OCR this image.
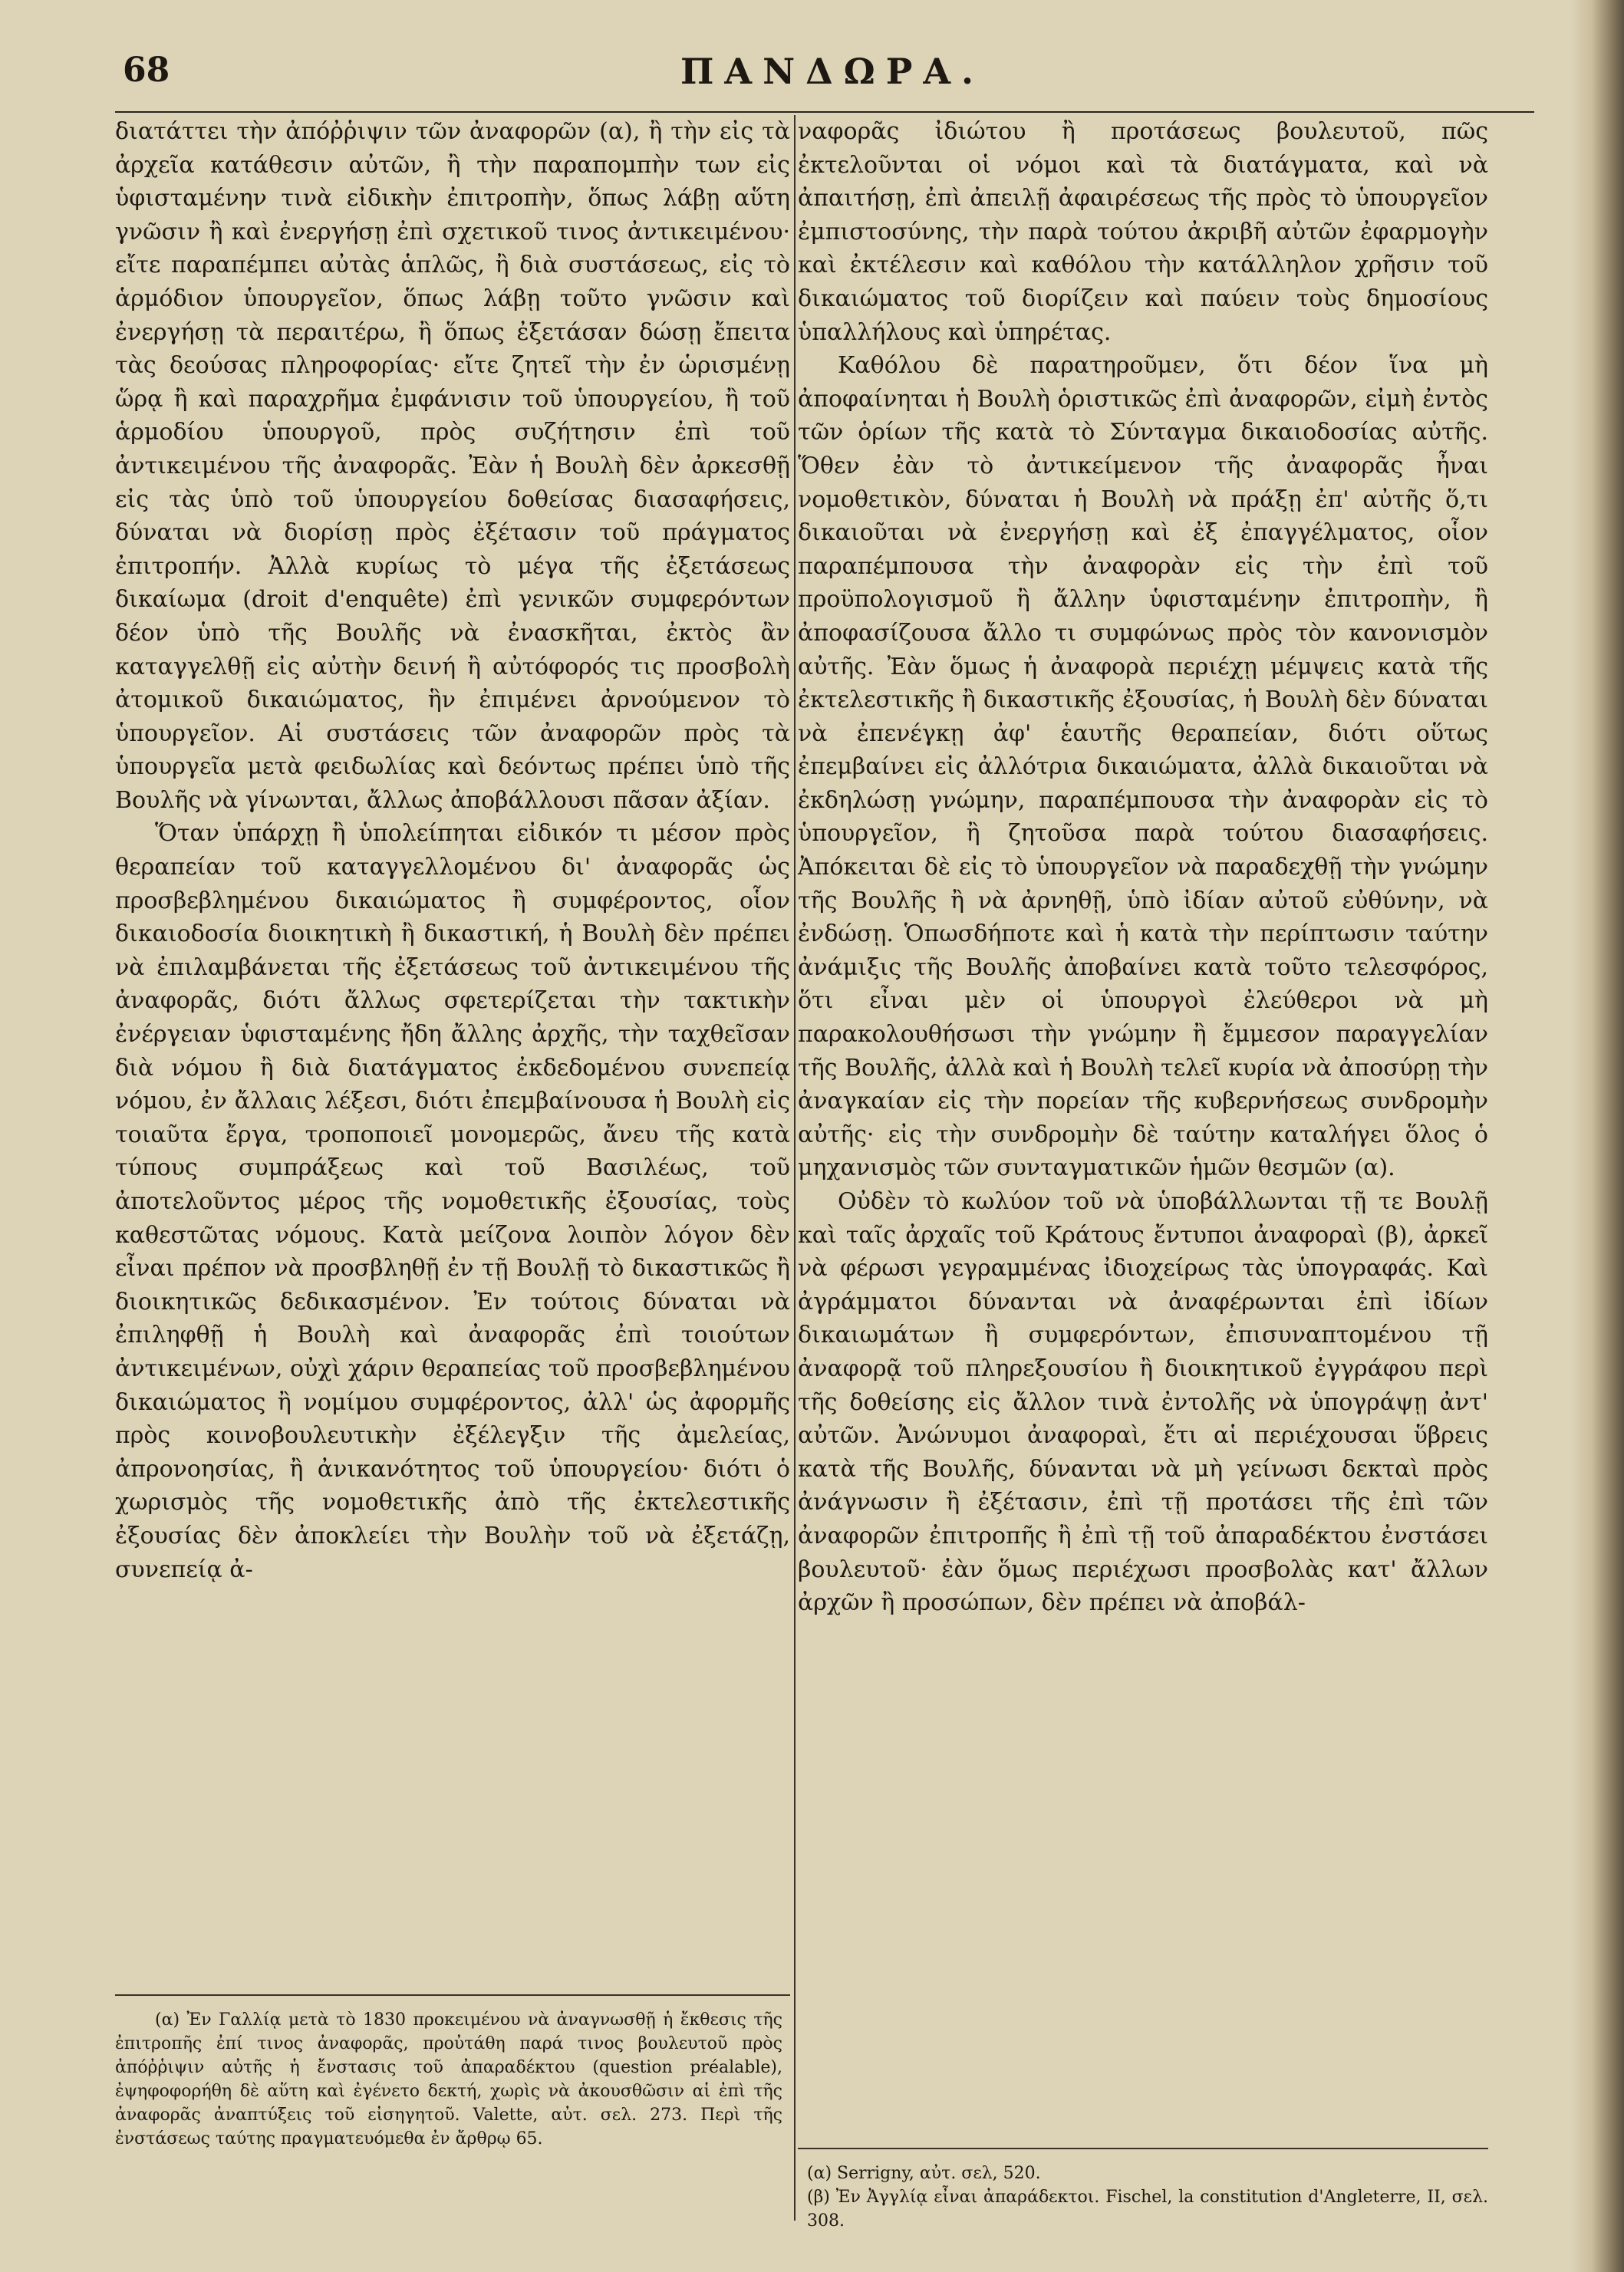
68	ΠΑΝΔΩΡΑ.

διατάττει τὴν ἀπόῤῥιψιν τῶν ἀναφορῶν (α), ἢ τὴν εἰς τὰ ἀρχεῖα κατάθεσιν αὐτῶν, ἢ τὴν παραπομπὴν των εἰς ὑφισταμένην τινὰ εἰδικὴν ἐπιτροπὴν, ὅπως λάβῃ αὕτη γνῶσιν ἢ καὶ ἐνεργήσῃ ἐπὶ σχετικοῦ τινος ἀντικειμένου· εἴτε παραπέμπει αὐτὰς ἁπλῶς, ἢ διὰ συστάσεως, εἰς τὸ ἁρμόδιον ὑπουργεῖον, ὅπως λάβῃ τοῦτο γνῶσιν καὶ ἐνεργήσῃ τὰ περαιτέρω, ἢ ὅπως ἐξετάσαν δώσῃ ἔπειτα τὰς δεούσας πληροφορίας· εἴτε ζητεῖ τὴν ἐν ὡρισμένῃ ὥρᾳ ἢ καὶ παραχρῆμα ἐμφάνισιν τοῦ ὑπουργείου, ἢ τοῦ ἁρμοδίου ὑπουργοῦ, πρὸς συζήτησιν ἐπὶ τοῦ ἀντικειμένου τῆς ἀναφορᾶς. Ἐὰν ἡ Βουλὴ δὲν ἀρκεσθῇ εἰς τὰς ὑπὸ τοῦ ὑπουργείου δοθείσας διασαφήσεις, δύναται νὰ διορίσῃ πρὸς ἐξέτασιν τοῦ πράγματος ἐπιτροπήν. Ἀλλὰ κυρίως τὸ μέγα τῆς ἐξετάσεως δικαίωμα (droit d'enquête) ἐπὶ γενικῶν συμφερόντων δέον ὑπὸ τῆς Βουλῆς νὰ ἐνασκῆται, ἐκτὸς ἂν καταγγελθῇ εἰς αὐτὴν δεινή ἢ αὐτόφορός τις προσβολὴ ἀτομικοῦ δικαιώματος, ἣν ἐπιμένει ἀρνούμενον τὸ ὑπουργεῖον. Αἱ συστάσεις τῶν ἀναφορῶν πρὸς τὰ ὑπουργεῖα μετὰ φειδωλίας καὶ δεόντως πρέπει ὑπὸ τῆς Βουλῆς νὰ γίνωνται, ἄλλως ἀποβάλλουσι πᾶσαν ἀξίαν.

Ὅταν ὑπάρχῃ ἢ ὑπολείπηται εἰδικόν τι μέσον πρὸς θεραπείαν τοῦ καταγγελλομένου δι' ἀναφορᾶς ὡς προσβεβλημένου δικαιώματος ἢ συμφέροντος, οἷον δικαιοδοσία διοικητικὴ ἢ δικαστική, ἡ Βουλὴ δὲν πρέπει νὰ ἐπιλαμβάνεται τῆς ἐξετάσεως τοῦ ἀντικειμένου τῆς ἀναφορᾶς, διότι ἄλλως σφετερίζεται τὴν τακτικὴν ἐνέργειαν ὑφισταμένης ἤδη ἄλλης ἀρχῆς, τὴν ταχθεῖσαν διὰ νόμου ἢ διὰ διατάγματος ἐκδεδομένου συνεπείᾳ νόμου, ἐν ἄλλαις λέξεσι, διότι ἐπεμβαίνουσα ἡ Βουλὴ εἰς τοιαῦτα ἔργα, τροποποιεῖ μονομερῶς, ἄνευ τῆς κατὰ τύπους συμπράξεως καὶ τοῦ Βασιλέως, τοῦ ἀποτελοῦντος μέρος τῆς νομοθετικῆς ἐξουσίας, τοὺς καθεστῶτας νόμους. Κατὰ μείζονα λοιπὸν λόγον δὲν εἶναι πρέπον νὰ προσβληθῇ ἐν τῇ Βουλῇ τὸ δικαστικῶς ἢ διοικητικῶς δεδικασμένον. Ἐν τούτοις δύναται νὰ ἐπιληφθῇ ἡ Βουλὴ καὶ ἀναφορᾶς ἐπὶ τοιούτων ἀντικειμένων, οὐχὶ χάριν θεραπείας τοῦ προσβεβλημένου δικαιώματος ἢ νομίμου συμφέροντος, ἀλλ' ὡς ἀφορμῆς πρὸς κοινοβουλευτικὴν ἐξέλεγξιν τῆς ἀμελείας, ἀπρονοησίας, ἢ ἀνικανότητος τοῦ ὑπουργείου· διότι ὁ χωρισμὸς τῆς νομοθετικῆς ἀπὸ τῆς ἐκτελεστικῆς ἐξουσίας δὲν ἀποκλείει τὴν Βουλὴν τοῦ νὰ ἐξετάζῃ, συνεπείᾳ ἀ-

ναφορᾶς ἰδιώτου ἢ προτάσεως βουλευτοῦ, πῶς ἐκτελοῦνται οἱ νόμοι καὶ τὰ διατάγματα, καὶ νὰ ἀπαιτήσῃ, ἐπὶ ἀπειλῇ ἀφαιρέσεως τῆς πρὸς τὸ ὑπουργεῖον ἐμπιστοσύνης, τὴν παρὰ τούτου ἀκριβῆ αὐτῶν ἐφαρμογὴν καὶ ἐκτέλεσιν καὶ καθόλου τὴν κατάλληλον χρῆσιν τοῦ δικαιώματος τοῦ διορίζειν καὶ παύειν τοὺς δημοσίους ὑπαλλήλους καὶ ὑπηρέτας.

Καθόλου δὲ παρατηροῦμεν, ὅτι δέον ἵνα μὴ ἀποφαίνηται ἡ Βουλὴ ὁριστικῶς ἐπὶ ἀναφορῶν, εἰμὴ ἐντὸς τῶν ὁρίων τῆς κατὰ τὸ Σύνταγμα δικαιοδοσίας αὐτῆς. Ὅθεν ἐὰν τὸ ἀντικείμενον τῆς ἀναφορᾶς ἦναι νομοθετικὸν, δύναται ἡ Βουλὴ νὰ πράξῃ ἐπ' αὐτῆς ὅ,τι δικαιοῦται νὰ ἐνεργήσῃ καὶ ἐξ ἐπαγγέλματος, οἷον παραπέμπουσα τὴν ἀναφορὰν εἰς τὴν ἐπὶ τοῦ προϋπολογισμοῦ ἢ ἄλλην ὑφισταμένην ἐπιτροπὴν, ἢ ἀποφασίζουσα ἄλλο τι συμφώνως πρὸς τὸν κανονισμὸν αὐτῆς. Ἐὰν ὅμως ἡ ἀναφορὰ περιέχῃ μέμψεις κατὰ τῆς ἐκτελεστικῆς ἢ δικαστικῆς ἐξουσίας, ἡ Βουλὴ δὲν δύναται νὰ ἐπενέγκῃ ἀφ' ἑαυτῆς θεραπείαν, διότι οὕτως ἐπεμβαίνει εἰς ἀλλότρια δικαιώματα, ἀλλὰ δικαιοῦται νὰ ἐκδηλώσῃ γνώμην, παραπέμπουσα τὴν ἀναφορὰν εἰς τὸ ὑπουργεῖον, ἢ ζητοῦσα παρὰ τούτου διασαφήσεις. Ἀπόκειται δὲ εἰς τὸ ὑπουργεῖον νὰ παραδεχθῇ τὴν γνώμην τῆς Βουλῆς ἢ νὰ ἀρνηθῇ, ὑπὸ ἰδίαν αὐτοῦ εὐθύνην, νὰ ἐνδώσῃ. Ὁπωσδήποτε καὶ ἡ κατὰ τὴν περίπτωσιν ταύτην ἀνάμιξις τῆς Βουλῆς ἀποβαίνει κατὰ τοῦτο τελεσφόρος, ὅτι εἶναι μὲν οἱ ὑπουργοὶ ἐλεύθεροι νὰ μὴ παρακολουθήσωσι τὴν γνώμην ἢ ἔμμεσον παραγγελίαν τῆς Βουλῆς, ἀλλὰ καὶ ἡ Βουλὴ τελεῖ κυρία νὰ ἀποσύρῃ τὴν ἀναγκαίαν εἰς τὴν πορείαν τῆς κυβερνήσεως συνδρομὴν αὐτῆς· εἰς τὴν συνδρομὴν δὲ ταύτην καταλήγει ὅλος ὁ μηχανισμὸς τῶν συνταγματικῶν ἡμῶν θεσμῶν (α).

Οὐδὲν τὸ κωλύον τοῦ νὰ ὑποβάλλωνται τῇ τε Βουλῇ καὶ ταῖς ἀρχαῖς τοῦ Κράτους ἔντυποι ἀναφοραὶ (β), ἀρκεῖ νὰ φέρωσι γεγραμμένας ἰδιοχείρως τὰς ὑπογραφάς. Καὶ ἀγράμματοι δύνανται νὰ ἀναφέρωνται ἐπὶ ἰδίων δικαιωμάτων ἢ συμφερόντων, ἐπισυναπτομένου τῇ ἀναφορᾷ τοῦ πληρεξουσίου ἢ διοικητικοῦ ἐγγράφου περὶ τῆς δοθείσης εἰς ἄλλον τινὰ ἐντολῆς νὰ ὑπογράψῃ ἀντ' αὐτῶν. Ἀνώνυμοι ἀναφοραὶ, ἔτι αἱ περιέχουσαι ὕβρεις κατὰ τῆς Βουλῆς, δύνανται νὰ μὴ γείνωσι δεκταὶ πρὸς ἀνάγνωσιν ἢ ἐξέτασιν, ἐπὶ τῇ προτάσει τῆς ἐπὶ τῶν ἀναφορῶν ἐπιτροπῆς ἢ ἐπὶ τῇ τοῦ ἀπαραδέκτου ἐνστάσει βουλευτοῦ· ἐὰν ὅμως περιέχωσι προσβολὰς κατ' ἄλλων ἀρχῶν ἢ προσώπων, δὲν πρέπει νὰ ἀποβάλ-

(α) Ἐν Γαλλίᾳ μετὰ τὸ 1830 προκειμένου νὰ ἀναγνωσθῇ ἡ ἔκθεσις τῆς ἐπιτροπῆς ἐπί τινος ἀναφορᾶς, προὐτάθη παρά τινος βουλευτοῦ πρὸς ἀπόῤῥιψιν αὐτῆς ἡ ἔνστασις τοῦ ἀπαραδέκτου (question préalable), ἐψηφοφορήθη δὲ αὕτη καὶ ἐγένετο δεκτή, χωρὶς νὰ ἀκουσθῶσιν αἱ ἐπὶ τῆς ἀναφορᾶς ἀναπτύξεις τοῦ εἰσηγητοῦ. Valette, αὐτ. σελ. 273. Περὶ τῆς ἐνστάσεως ταύτης πραγματευόμεθα ἐν ἄρθρῳ 65.

(α) Serrigny, αὐτ. σελ, 520.

(β) Ἐν Ἀγγλίᾳ εἶναι ἀπαράδεκτοι. Fischel, la constitution d'Angleterre, II, σελ. 308.
